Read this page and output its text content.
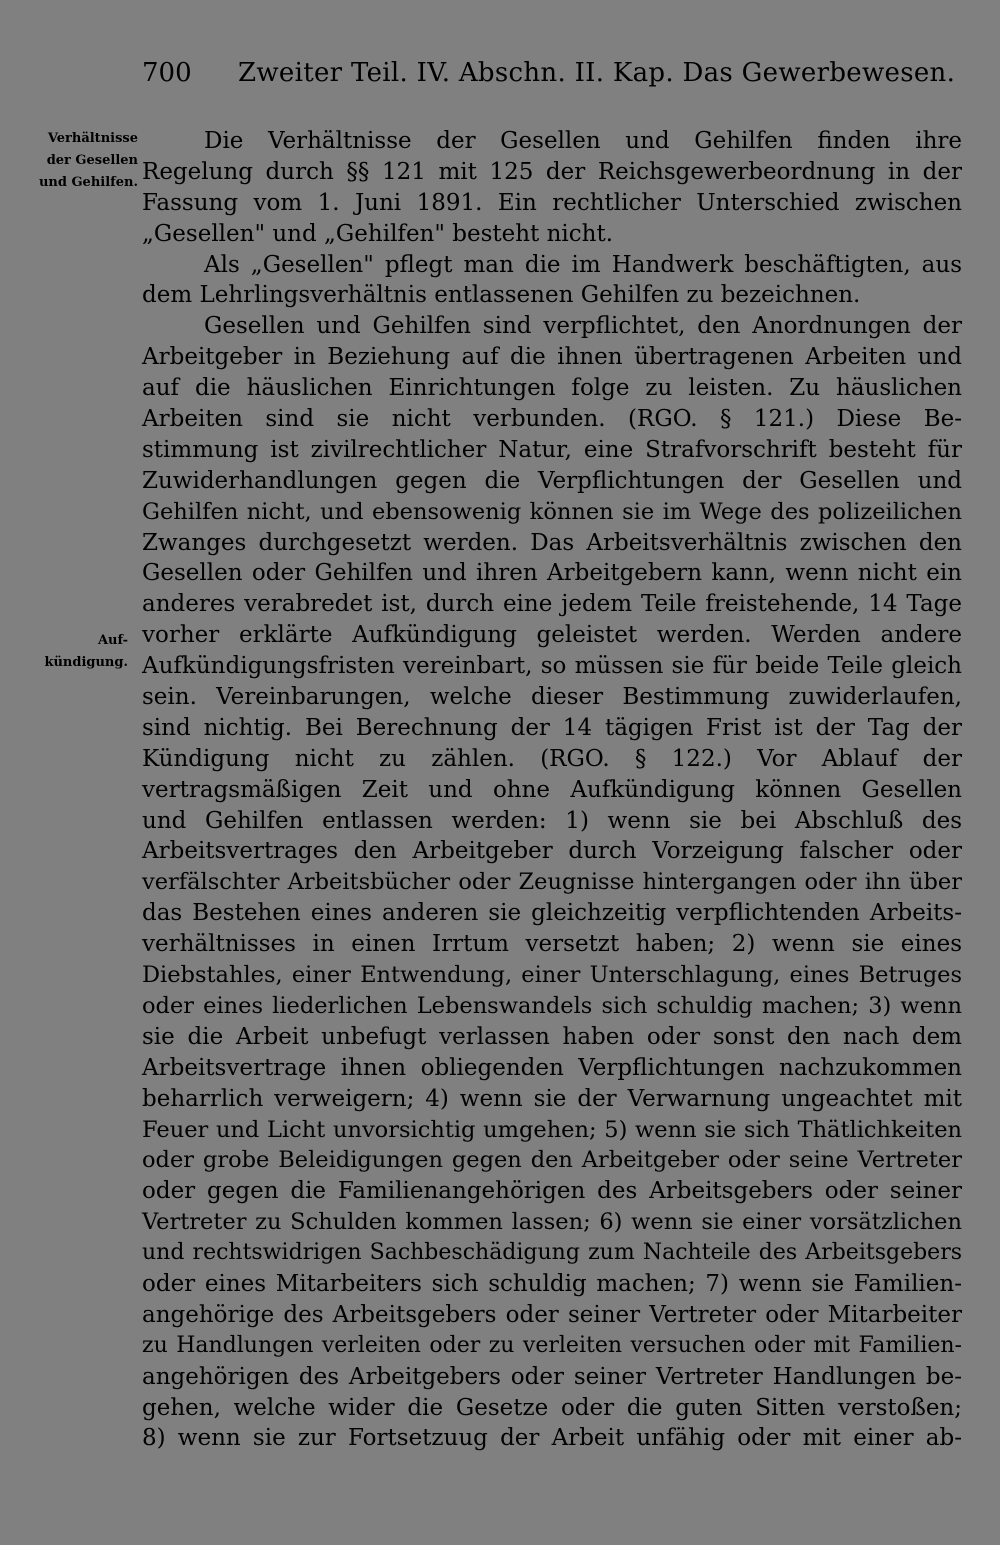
700 Zweiter Teil. IV. Abschn. II. Kap. Das Gewerbewesen.
Verhältnisse
der Gesellen
und Gehilfen.
Auf-
kündigung.
Die Verhältnisse der Gesellen und Gehilfen finden ihre
Regelung durch §§ 121 mit 125 der Reichsgewerbeordnung in der
Fassung vom 1. Juni 1891. Ein rechtlicher Unterschied zwischen
„Gesellen" und „Gehilfen" besteht nicht.
Als „Gesellen" pflegt man die im Handwerk beschäftigten, aus
dem Lehrlingsverhältnis entlassenen Gehilfen zu bezeichnen.
Gesellen und Gehilfen sind verpflichtet, den Anordnungen der
Arbeitgeber in Beziehung auf die ihnen übertragenen Arbeiten und
auf die häuslichen Einrichtungen folge zu leisten. Zu häuslichen
Arbeiten sind sie nicht verbunden. (RGO. § 121.) Diese Be-
stimmung ist zivilrechtlicher Natur, eine Strafvorschrift besteht für
Zuwiderhandlungen gegen die Verpflichtungen der Gesellen und
Gehilfen nicht, und ebensowenig können sie im Wege des polizeilichen
Zwanges durchgesetzt werden. Das Arbeitsverhältnis zwischen den
Gesellen oder Gehilfen und ihren Arbeitgebern kann, wenn nicht ein
anderes verabredet ist, durch eine jedem Teile freistehende, 14 Tage
vorher erklärte Aufkündigung geleistet werden. Werden andere
Aufkündigungsfristen vereinbart, so müssen sie für beide Teile gleich
sein. Vereinbarungen, welche dieser Bestimmung zuwiderlaufen,
sind nichtig. Bei Berechnung der 14 tägigen Frist ist der Tag der
Kündigung nicht zu zählen. (RGO. § 122.) Vor Ablauf der
vertragsmäßigen Zeit und ohne Aufkündigung können Gesellen
und Gehilfen entlassen werden: 1) wenn sie bei Abschluß des
Arbeitsvertrages den Arbeitgeber durch Vorzeigung falscher oder
verfälschter Arbeitsbücher oder Zeugnisse hintergangen oder ihn über
das Bestehen eines anderen sie gleichzeitig verpflichtenden Arbeits-
verhältnisses in einen Irrtum versetzt haben; 2) wenn sie eines
Diebstahles, einer Entwendung, einer Unterschlagung, eines Betruges
oder eines liederlichen Lebenswandels sich schuldig machen; 3) wenn
sie die Arbeit unbefugt verlassen haben oder sonst den nach dem
Arbeitsvertrage ihnen obliegenden Verpflichtungen nachzukommen
beharrlich verweigern; 4) wenn sie der Verwarnung ungeachtet mit
Feuer und Licht unvorsichtig umgehen; 5) wenn sie sich Thätlichkeiten
oder grobe Beleidigungen gegen den Arbeitgeber oder seine Vertreter
oder gegen die Familienangehörigen des Arbeitsgebers oder seiner
Vertreter zu Schulden kommen lassen; 6) wenn sie einer vorsätzlichen
und rechtswidrigen Sachbeschädigung zum Nachteile des Arbeitsgebers
oder eines Mitarbeiters sich schuldig machen; 7) wenn sie Familien-
angehörige des Arbeitsgebers oder seiner Vertreter oder Mitarbeiter
zu Handlungen verleiten oder zu verleiten versuchen oder mit Familien-
angehörigen des Arbeitgebers oder seiner Vertreter Handlungen be-
gehen, welche wider die Gesetze oder die guten Sitten verstoßen;
8) wenn sie zur Fortsetzuug der Arbeit unfähig oder mit einer ab-
